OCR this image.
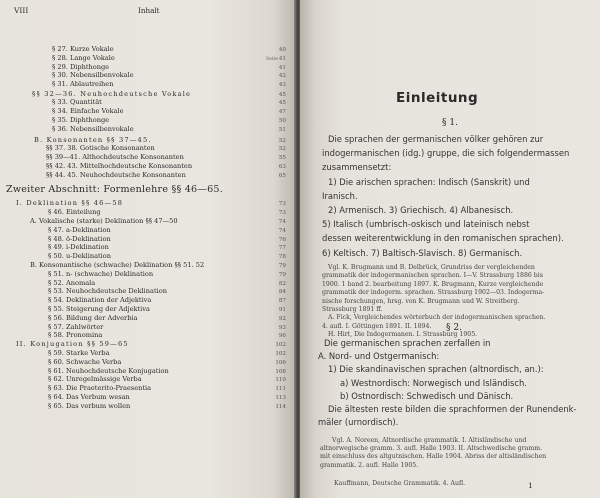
VIII	Inhalt
Seite
§ 27. Kurze Vokale	40
§ 28. Lange Vokale	41
§ 29. Diphthonge	41
§ 30. Nebensilbenvokale	42
§ 31. Ablautreihen	43
§§ 32—36. Neuhochdeutsche Vokale	45
§ 33. Quantität	45
§ 34. Einfache Vokale	47
§ 35. Diphthonge	50
§ 36. Nebensilbenvokale	51
B. Konsonanten §§ 37—45.	52
§§ 37. 38. Gotische Konsonanten	52
§§ 39—41. Althochdeutsche Konsonanten	55
§§ 42. 43. Mittelhochdeutsche Konsonanten	63
§§ 44. 45. Neuhochdeutsche Konsonanten	65
Zweiter Abschnitt: Formenlehre §§ 46—65.
I. Deklination §§ 46—58	73
§ 46. Einteilung	73
A. Vokalische (starke) Deklination §§ 47—50	74
§ 47. a-Deklination	74
§ 48. ō-Deklination	76
§ 49. i-Deklination	77
§ 50. u-Deklination	78
B. Konsonantische (schwache) Deklination §§ 51. 52	79
§ 51. n- (schwache) Deklination	79
§ 52. Anomala	82
§ 53. Neuhochdeutsche Deklination	84
§ 54. Deklination der Adjektiva	87
§ 55. Steigerung der Adjektiva	91
§ 56. Bildung der Adverbia	92
§ 57. Zahlwörter	93
§ 58. Pronomina	96
II. Konjugation §§ 59—65	102
§ 59. Starke Verba	102
§ 60. Schwache Verba	106
§ 61. Neuhochdeutsche Konjugation	108
§ 62. Unregelmässige Verba	110
§ 63. Die Praeterito-Praesentia	111
§ 64. Das Verbum wesan	113
§ 65. Das verbum wollen	114
Einleitung
§ 1.
Die sprachen der germanischen völker gehören zur
indogermanischen (idg.) gruppe, die sich folgendermassen
zusammensetzt:
1) Die arischen sprachen: Indisch (Sanskrit) und
Iranisch.
2) Armenisch. 3) Griechisch. 4) Albanesisch.
5) Italisch (umbrisch-oskisch und lateinisch nebst
dessen weiterentwicklung in den romanischen sprachen).
6) Keltisch. 7) Baltisch-Slavisch. 8) Germanisch.
Vgl. K. Brugmann und B. Delbrück, Grundriss der vergleichenden
grammatik der indogermanischen sprachen. I—V. Strassburg 1886 bis
1900. 1 band 2. bearbeitung 1897. K. Brugmann, Kurze vergleichende
grammatik der indogerm. sprachen. Strassburg 1902—03. Indogerma-
nische forschungen, hrsg. von K. Brugmann und W. Streitberg.
Strassburg 1891 ff.
A. Fick, Vergleichendes wörterbuch der indogermanischen sprachen.
4. aufl. I. Göttingen 1891. II. 1894.
H. Hirt, Die Indogermanen. I. Strassburg 1905.
§ 2.
Die germanischen sprachen zerfallen in
A. Nord- und Ostgermanisch:
1) Die skandinavischen sprachen (altnordisch, an.):
a) Westnordisch: Norwegisch und Isländisch.
b) Ostnordisch: Schwedisch und Dänisch.
Die ältesten reste bilden die sprachformen der Runendenk-
mäler (urnordisch).
Vgl. A. Noreen, Altnordische grammatik. I. Altisländische und
altnorwegische gramm. 3. aufl. Halle 1903. II. Altschwedische gramm.
mit einschluss des altgutnischen. Halle 1904. Abriss der altisländischen
grammatik. 2. aufl. Halle 1905.
Kauffmann, Deutsche Grammatik. 4. Aufl.	1
